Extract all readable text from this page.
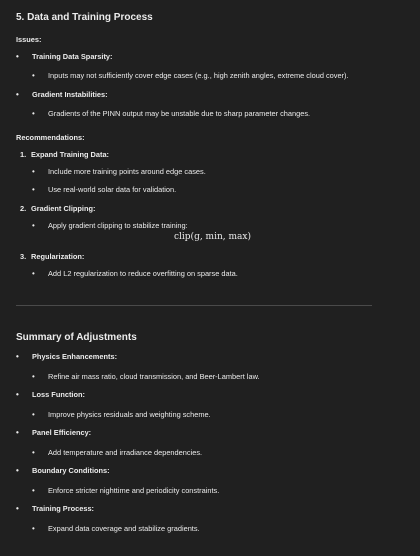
5. Data and Training Process
Issues:
• Training Data Sparsity:
• Inputs may not sufficiently cover edge cases (e.g., high zenith angles, extreme cloud cover).
• Gradient Instabilities:
• Gradients of the PINN output may be unstable due to sharp parameter changes.
Recommendations:
1. Expand Training Data:
• Include more training points around edge cases.
• Use real-world solar data for validation.
2. Gradient Clipping:
• Apply gradient clipping to stabilize training:
clip(g, min, max)
3. Regularization:
• Add L2 regularization to reduce overfitting on sparse data.
Summary of Adjustments
• Physics Enhancements:
• Refine air mass ratio, cloud transmission, and Beer-Lambert law.
• Loss Function:
• Improve physics residuals and weighting scheme.
• Panel Efficiency:
• Add temperature and irradiance dependencies.
• Boundary Conditions:
• Enforce stricter nighttime and periodicity constraints.
• Training Process:
• Expand data coverage and stabilize gradients.
